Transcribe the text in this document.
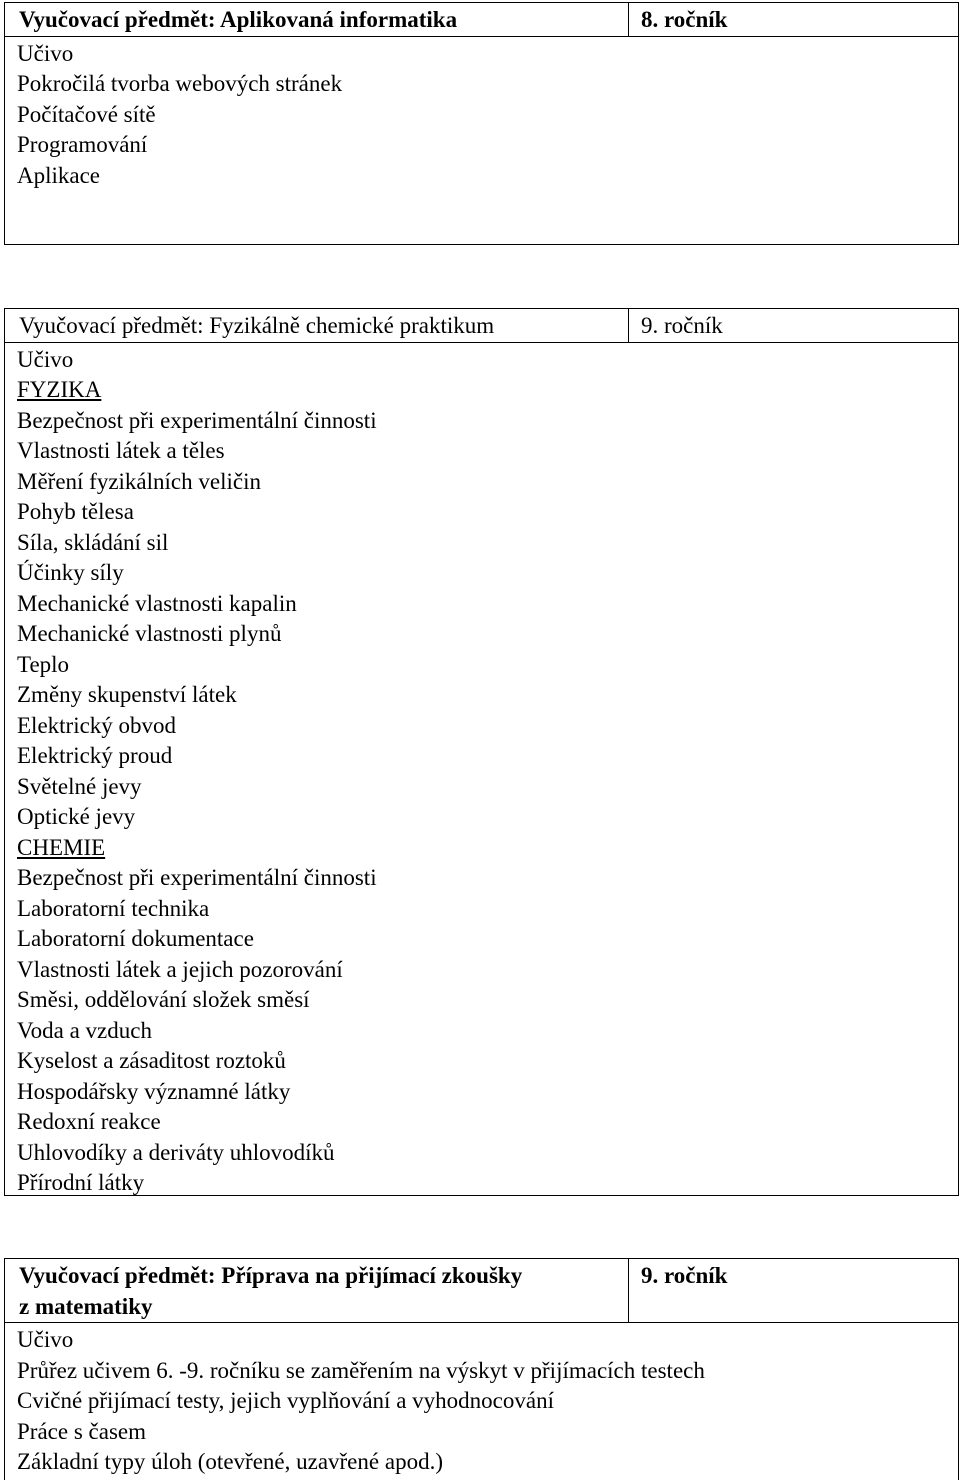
Vyučovací předmět: Aplikovaná informatika	8. ročník
Učivo
Pokročilá tvorba webových stránek
Počítačové sítě
Programování
Aplikace
Vyučovací předmět: Fyzikálně chemické praktikum	9. ročník
Učivo
FYZIKA
Bezpečnost při experimentální činnosti
Vlastnosti látek a těles
Měření fyzikálních veličin
Pohyb tělesa
Síla, skládání sil
Účinky síly
Mechanické vlastnosti kapalin
Mechanické vlastnosti plynů
Teplo
Změny skupenství látek
Elektrický obvod
Elektrický proud
Světelné jevy
Optické jevy
CHEMIE
Bezpečnost při experimentální činnosti
Laboratorní technika
Laboratorní dokumentace
Vlastnosti látek a jejich pozorování
Směsi, oddělování složek směsí
Voda a vzduch
Kyselost a zásaditost roztoků
Hospodářsky významné látky
Redoxní reakce
Uhlovodíky a deriváty uhlovodíků
Přírodní látky
Vyučovací předmět: Příprava na přijímací zkoušky
z matematiky
9. ročník
Učivo
Průřez učivem 6. -9. ročníku se zaměřením na výskyt v přijímacích testech
Cvičné přijímací testy, jejich vyplňování a vyhodnocování
Práce s časem
Základní typy úloh (otevřené, uzavřené apod.)
